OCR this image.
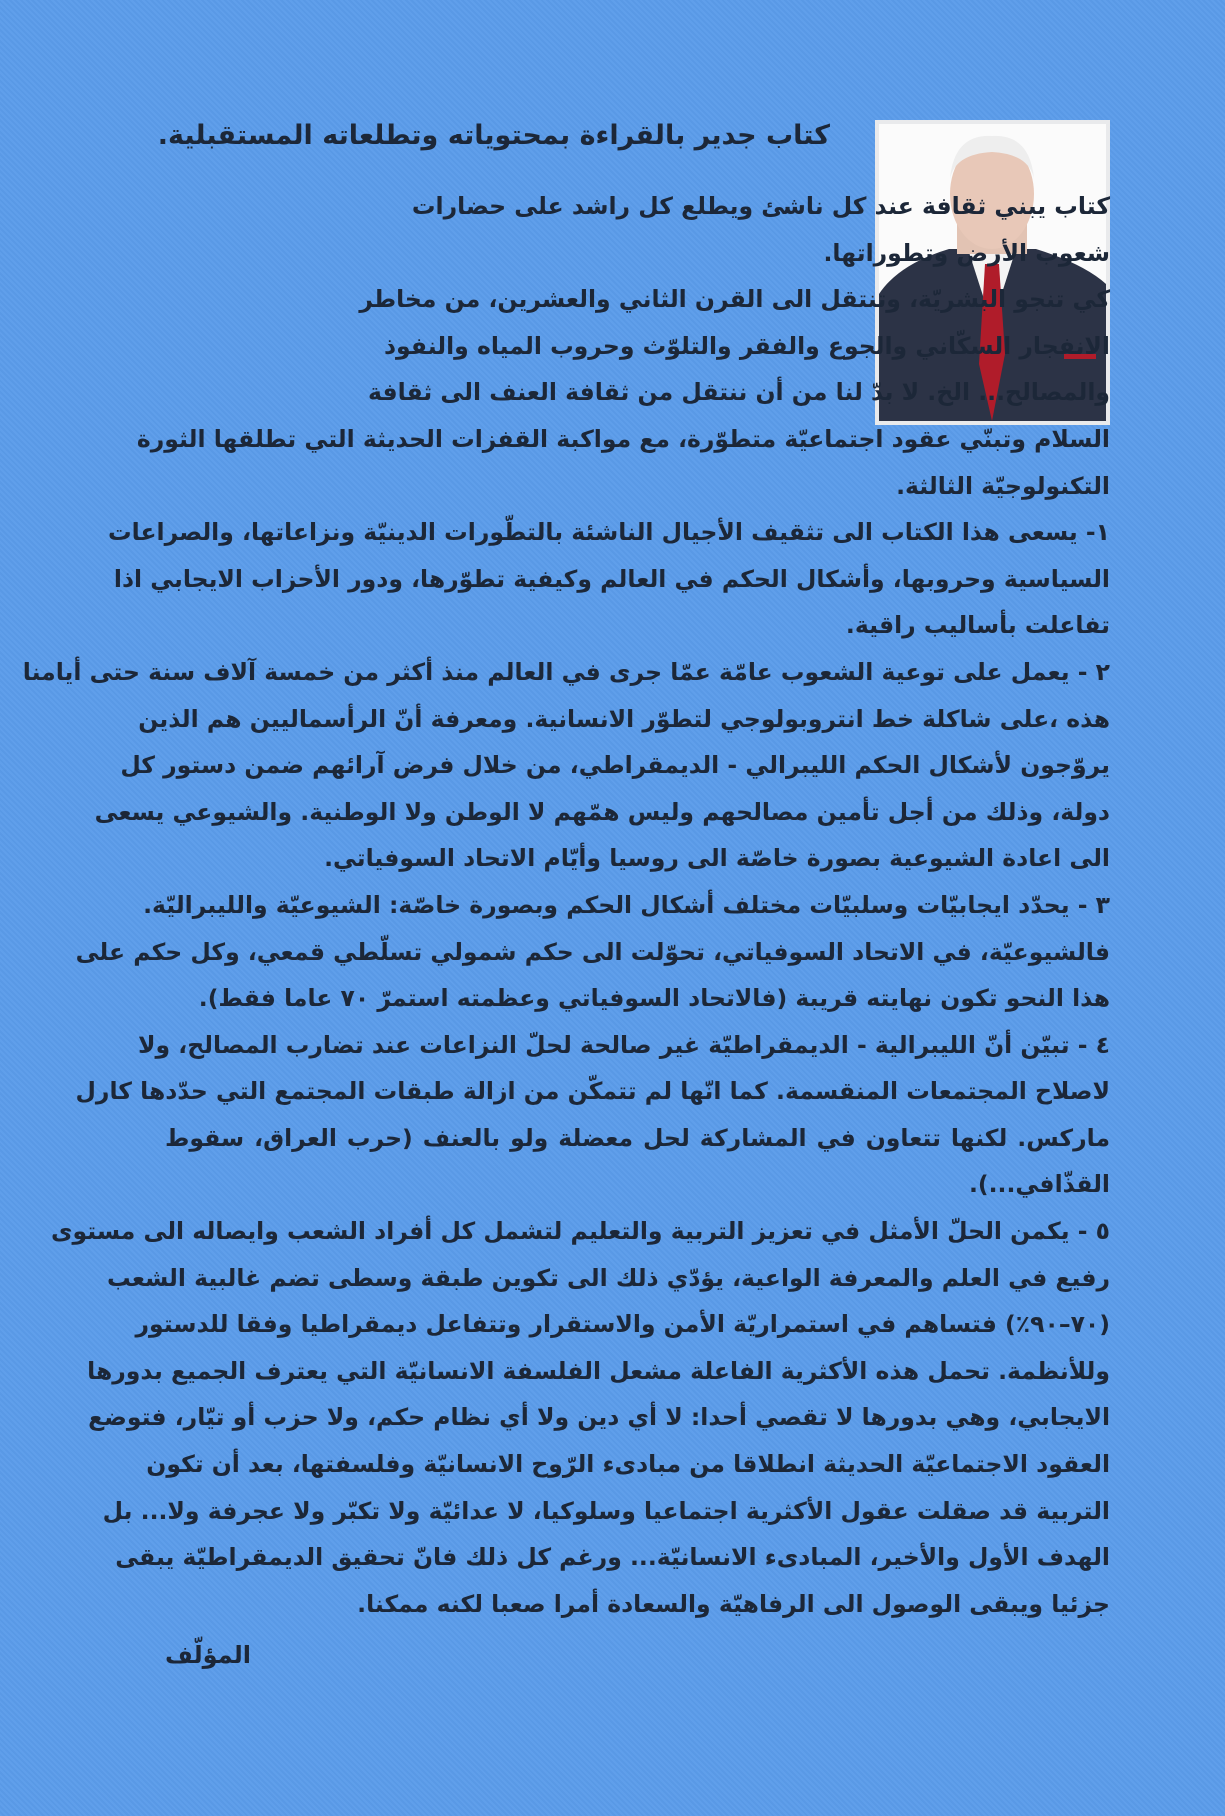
كتاب جدير بالقراءة بمحتوياته وتطلعاته المستقبلية.
كتاب يبني ثقافة عند كل ناشئ ويطلع كل راشد على حضارات
شعوب الأرض وتطوراتها.
كي تنجو البشريّة، وتنتقل الى القرن الثاني والعشرين، من مخاطر
الانفجار السكّاني والجوع والفقر والتلوّث وحروب المياه والنفوذ
والمصالح... الخ. لا بدّ لنا من أن ننتقل من ثقافة العنف الى ثقافة
السلام وتبنّي عقود اجتماعيّة متطوّرة، مع مواكبة القفزات الحديثة التي تطلقها الثورة
التكنولوجيّة الثالثة.
١- يسعى هذا الكتاب الى تثقيف الأجيال الناشئة بالتطّورات الدينيّة ونزاعاتها، والصراعات
السياسية وحروبها، وأشكال الحكم في العالم وكيفية تطوّرها، ودور الأحزاب الايجابي اذا
تفاعلت بأساليب راقية.
٢ - يعمل على توعية الشعوب عامّة عمّا جرى في العالم منذ أكثر من خمسة آلاف سنة حتى أيامنا
هذه ،على شاكلة خط انتروبولوجي لتطوّر الانسانية. ومعرفة أنّ الرأسماليين هم الذين
يروّجون لأشكال الحكم الليبرالي - الديمقراطي، من خلال فرض آرائهم ضمن دستور كل
دولة، وذلك من أجل تأمين مصالحهم وليس همّهم لا الوطن ولا الوطنية. والشيوعي يسعى
الى اعادة الشيوعية بصورة خاصّة الى روسيا وأيّام الاتحاد السوفياتي.
٣ - يحدّد ايجابيّات وسلبيّات مختلف أشكال الحكم وبصورة خاصّة: الشيوعيّة والليبراليّة.
فالشيوعيّة، في الاتحاد السوفياتي، تحوّلت الى حكم شمولي تسلّطي قمعي، وكل حكم على
هذا النحو تكون نهايته قريبة (فالاتحاد السوفياتي وعظمته استمرّ ٧٠ عاما فقط).
٤ - تبيّن أنّ الليبرالية - الديمقراطيّة غير صالحة لحلّ النزاعات عند تضارب المصالح، ولا
لاصلاح المجتمعات المنقسمة. كما انّها لم تتمكّن من ازالة طبقات المجتمع التي حدّدها كارل
ماركس. لكنها تتعاون في المشاركة لحل معضلة ولو بالعنف (حرب العراق، سقوط
القذّافي...).
٥ - يكمن الحلّ الأمثل في تعزيز التربية والتعليم لتشمل كل أفراد الشعب وايصاله الى مستوى
رفيع في العلم والمعرفة الواعية، يؤدّي ذلك الى تكوين طبقة وسطى تضم غالبية الشعب
(٧٠–٩٠٪) فتساهم في استمراريّة الأمن والاستقرار وتتفاعل ديمقراطيا وفقا للدستور
وللأنظمة. تحمل هذه الأكثرية الفاعلة مشعل الفلسفة الانسانيّة التي يعترف الجميع بدورها
الايجابي، وهي بدورها لا تقصي أحدا: لا أي دين ولا أي نظام حكم، ولا حزب أو تيّار، فتوضع
العقود الاجتماعيّة الحديثة انطلاقا من مبادىء الرّوح الانسانيّة وفلسفتها، بعد أن تكون
التربية قد صقلت عقول الأكثرية اجتماعيا وسلوكيا، لا عدائيّة ولا تكبّر ولا عجرفة ولا... بل
الهدف الأول والأخير، المبادىء الانسانيّة... ورغم كل ذلك فانّ تحقيق الديمقراطيّة يبقى
جزئيا ويبقى الوصول الى الرفاهيّة والسعادة أمرا صعبا لكنه ممكنا.
المؤلّف
